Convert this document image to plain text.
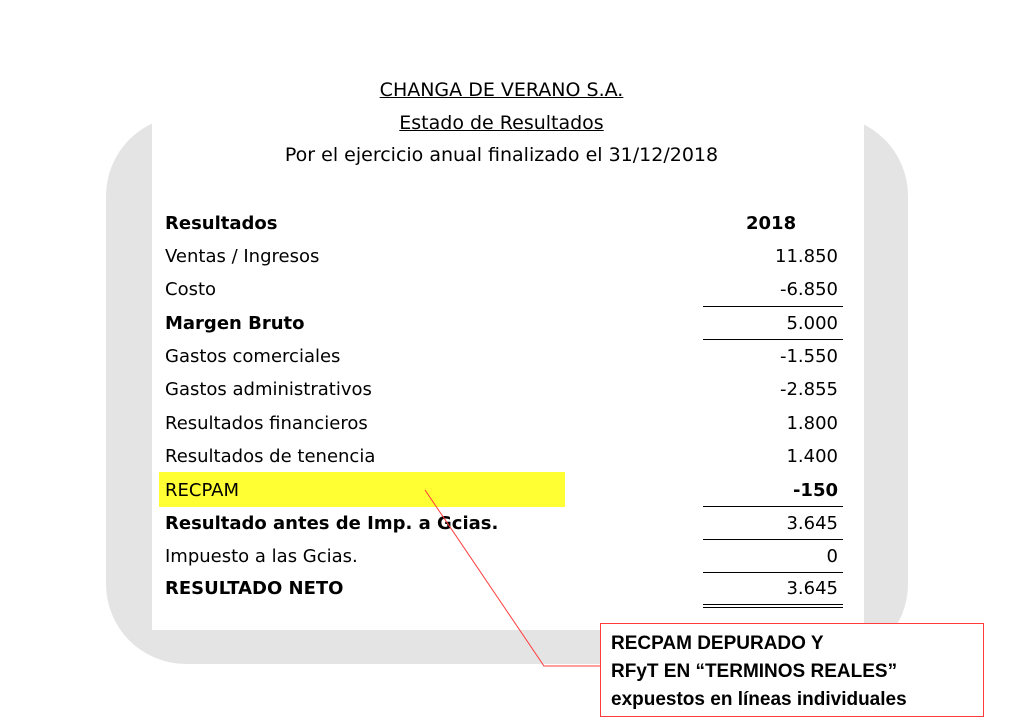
CHANGA DE VERANO S.A.
Estado de Resultados
Por el ejercicio anual finalizado el 31/12/2018
Resultados	2018
Ventas / Ingresos	11.850
Costo	-6.850
Margen Bruto	5.000
Gastos comerciales	-1.550
Gastos administrativos	-2.855
Resultados financieros	1.800
Resultados de tenencia	1.400
RECPAM	-150
Resultado antes de Imp. a Gcias.	3.645
Impuesto a las Gcias.	0
RESULTADO NETO	3.645
RECPAM DEPURADO Y
RFyT EN “TERMINOS REALES”
expuestos en líneas individuales
